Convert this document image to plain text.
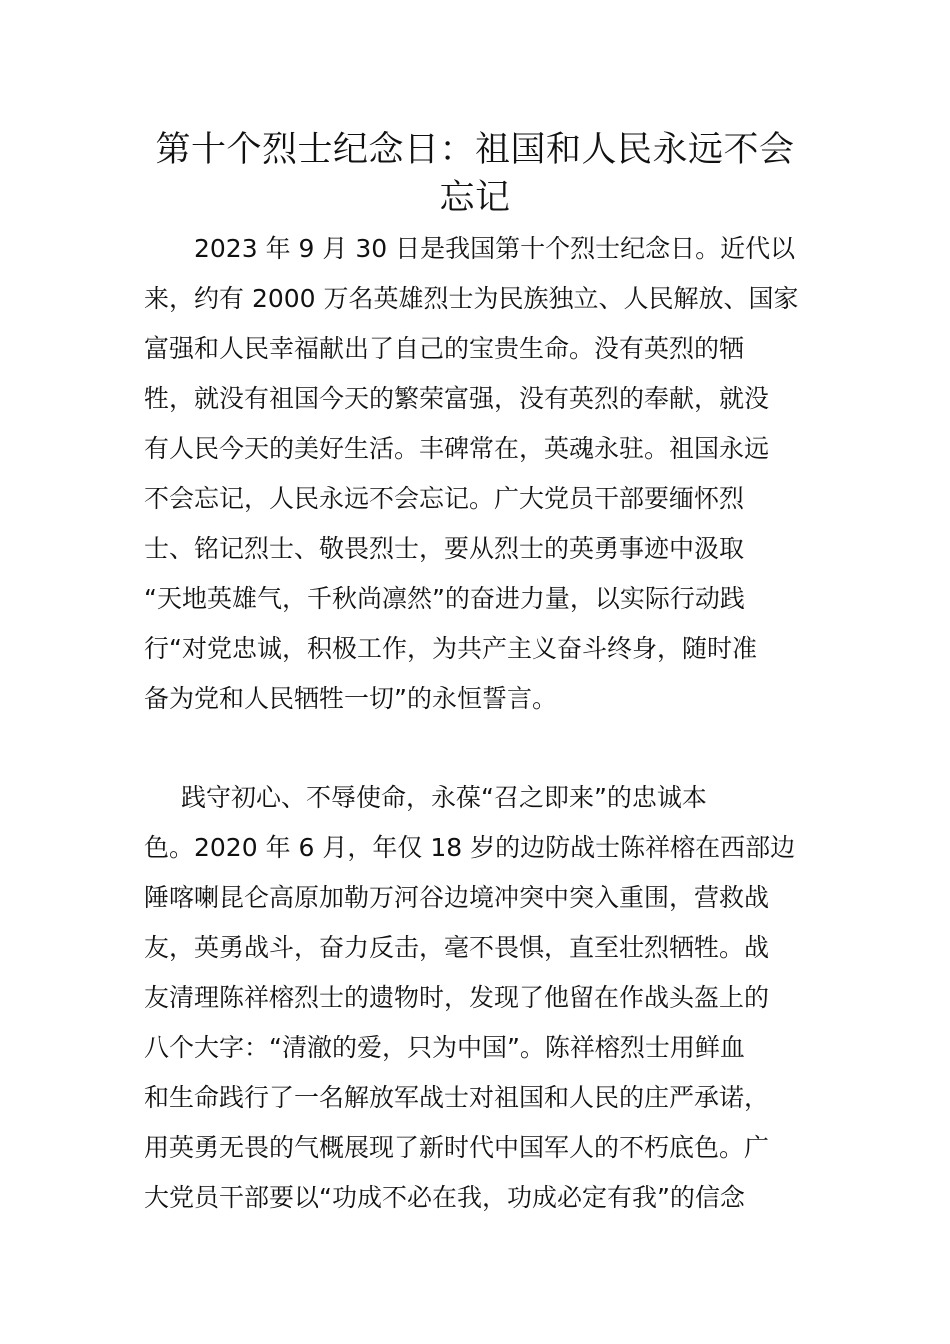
第十个烈士纪念日：祖国和人民永远不会
忘记
2023 年 9 月 30 日是我国第十个烈士纪念日。近代以
来，约有 2000 万名英雄烈士为民族独立、人民解放、国家
富强和人民幸福献出了自己的宝贵生命。没有英烈的牺
牲，就没有祖国今天的繁荣富强，没有英烈的奉献，就没
有人民今天的美好生活。丰碑常在，英魂永驻。祖国永远
不会忘记，人民永远不会忘记。广大党员干部要缅怀烈
士、铭记烈士、敬畏烈士，要从烈士的英勇事迹中汲取
“天地英雄气，千秋尚凛然”的奋进力量，以实际行动践
行“对党忠诚，积极工作，为共产主义奋斗终身，随时准
备为党和人民牺牲一切”的永恒誓言。
践守初心、不辱使命，永葆“召之即来”的忠诚本
色。2020 年 6 月，年仅 18 岁的边防战士陈祥榕在西部边
陲喀喇昆仑高原加勒万河谷边境冲突中突入重围，营救战
友，英勇战斗，奋力反击，毫不畏惧，直至壮烈牺牲。战
友清理陈祥榕烈士的遗物时，发现了他留在作战头盔上的
八个大字：“清澈的爱，只为中国”。陈祥榕烈士用鲜血
和生命践行了一名解放军战士对祖国和人民的庄严承诺，
用英勇无畏的气概展现了新时代中国军人的不朽底色。广
大党员干部要以“功成不必在我，功成必定有我”的信念
